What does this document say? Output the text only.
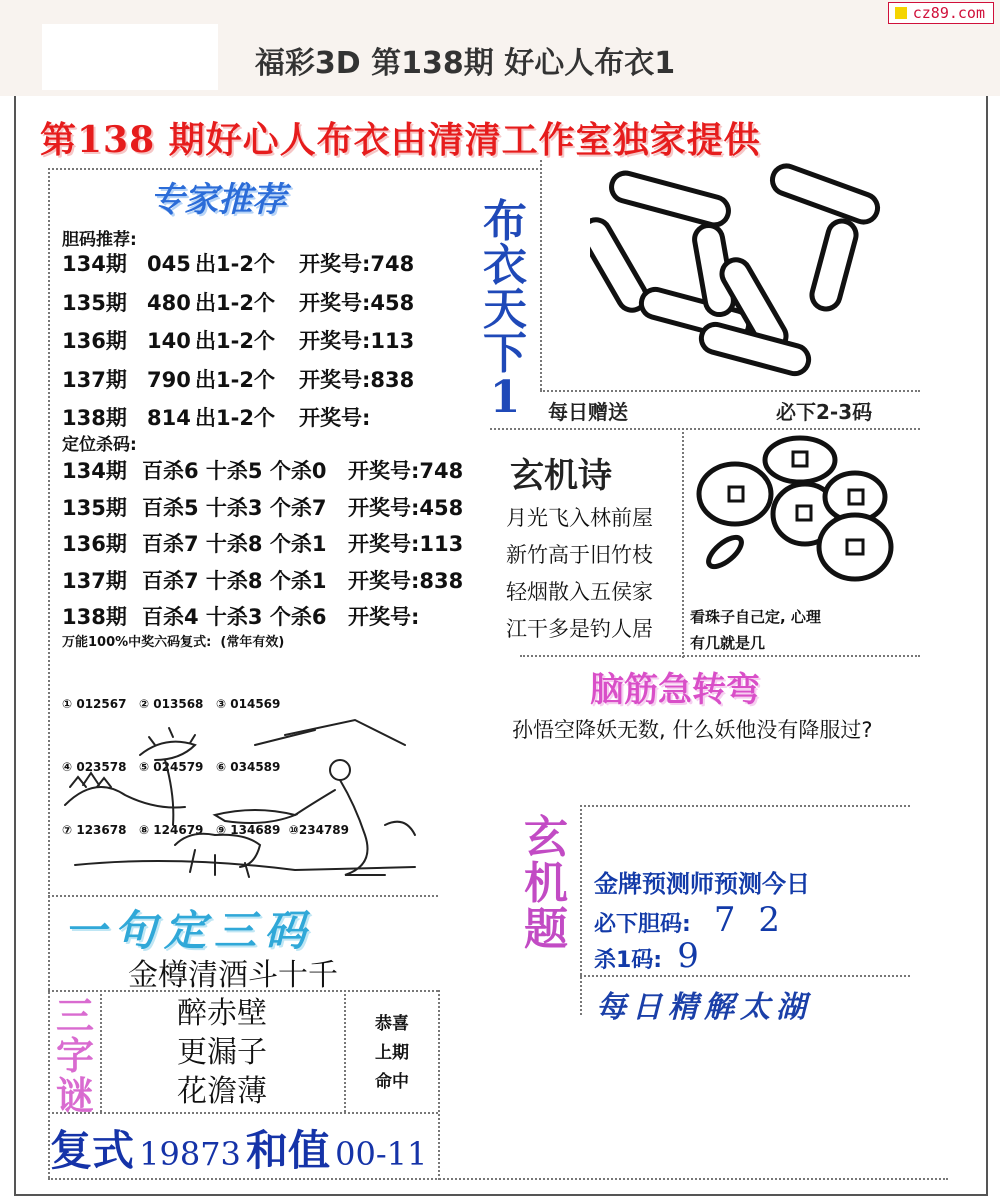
福彩3D 第138期 好心人布衣1
cz89.com
第138 期好心人布衣由清清工作室独家提供
专家推荐
胆码推荐:
134期 045 出1-2个 开奖号:748
135期 480 出1-2个 开奖号:458
136期 140 出1-2个 开奖号:113
137期 790 出1-2个 开奖号:838
138期 814 出1-2个 开奖号:
定位杀码:
134期 百杀6 十杀5 个杀0 开奖号:748
135期 百杀5 十杀3 个杀7 开奖号:458
136期 百杀7 十杀8 个杀1 开奖号:113
137期 百杀7 十杀8 个杀1 开奖号:838
138期 百杀4 十杀3 个杀6 开奖号:
万能100%中奖六码复式:  (常年有效)

① 012567   ② 013568   ③ 014569

④ 023578   ⑤ 024579   ⑥ 034589

⑦ 123678   ⑧ 124679   ⑨ 134689  ⑩234789

布
衣
天
下
1	每日赠送	必下2-3码
玄机诗
月光飞入林前屋
新竹高于旧竹枝
轻烟散入五侯家
江干多是钓人居 看珠子自己定, 心理
有几就是几
脑筋急转弯
孙悟空降妖无数, 什么妖他没有降服过?
玄
机
题
金牌预测师预测今日
必下胆码: 7 2
杀1码: 9
每日精解太湖
一句定三码
金樽清酒斗十千
三
字
谜
醉赤壁
更漏子
花澹薄
恭喜
上期
命中
复式 19873 和值 00-11
